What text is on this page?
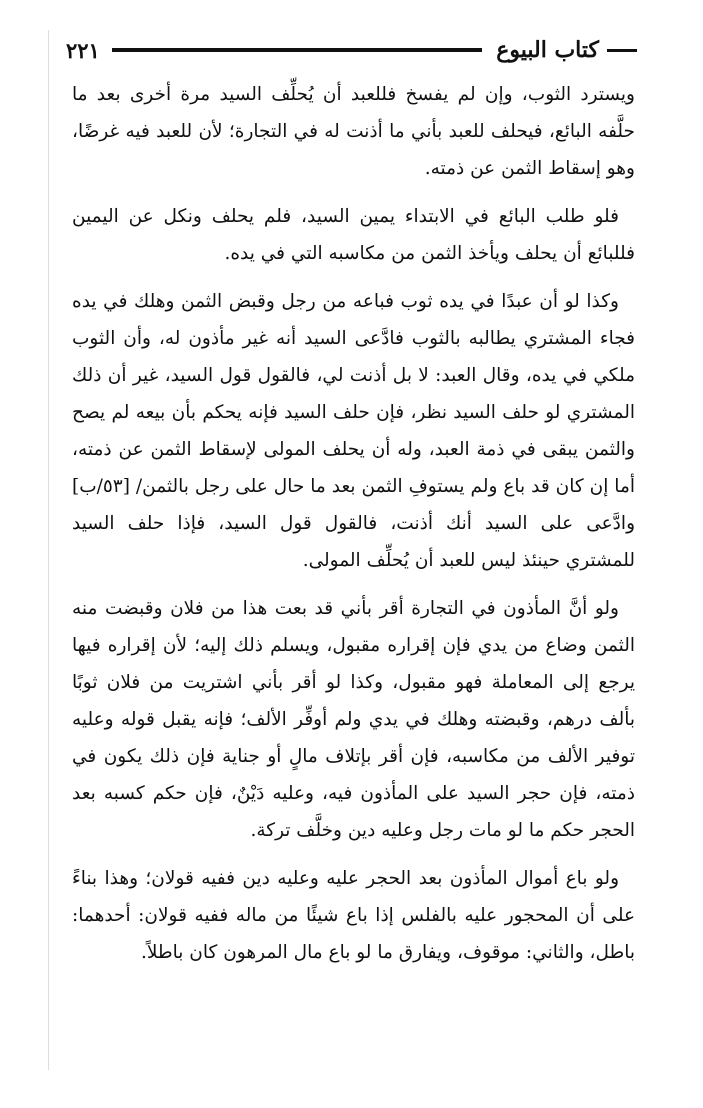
كتاب البيوع
٢٢١

ويسترد الثوب، وإن لم يفسخ فللعبد أن يُحلِّف السيد مرة أخرى بعد ما حلَّفه البائع، فيحلف للعبد بأني ما أذنت له في التجارة؛ لأن للعبد فيه غرضًا، وهو إسقاط الثمن عن ذمته.

فلو طلب البائع في الابتداء يمين السيد، فلم يحلف ونكل عن اليمين فللبائع أن يحلف ويأخذ الثمن من مكاسبه التي في يده.

وكذا لو أن عبدًا في يده ثوب فباعه من رجل وقبض الثمن وهلك في يده فجاء المشتري يطالبه بالثوب فادَّعى السيد أنه غير مأذون له، وأن الثوب ملكي في يده، وقال العبد: لا بل أذنت لي، فالقول قول السيد، غير أن ذلك المشتري لو حلف السيد نظر، فإن حلف السيد فإنه يحكم بأن بيعه لم يصح والثمن يبقى في ذمة العبد، وله أن يحلف المولى لإسقاط الثمن عن ذمته، أما إن كان قد باع ولم يستوفِ الثمن بعد ما حال على رجل بالثمن/ [٥٣/ب] وادَّعى على السيد أنك أذنت، فالقول قول السيد، فإذا حلف السيد للمشتري حينئذ ليس للعبد أن يُحلِّف المولى.

ولو أنَّ المأذون في التجارة أقر بأني قد بعت هذا من فلان وقبضت منه الثمن وضاع من يدي فإن إقراره مقبول، ويسلم ذلك إليه؛ لأن إقراره فيها يرجع إلى المعاملة فهو مقبول، وكذا لو أقر بأني اشتريت من فلان ثوبًا بألف درهم، وقبضته وهلك في يدي ولم أوفِّر الألف؛ فإنه يقبل قوله وعليه توفير الألف من مكاسبه، فإن أقر بإتلاف مالٍ أو جناية فإن ذلك يكون في ذمته، فإن حجر السيد على المأذون فيه، وعليه دَيْنٌ، فإن حكم كسبه بعد الحجر حكم ما لو مات رجل وعليه دين وخلَّف تركة.

ولو باع أموال المأذون بعد الحجر عليه وعليه دين ففيه قولان؛ وهذا بناءً على أن المحجور عليه بالفلس إذا باع شيئًا من ماله ففيه قولان: أحدهما: باطل، والثاني: موقوف، ويفارق ما لو باع مال المرهون كان باطلاً.
